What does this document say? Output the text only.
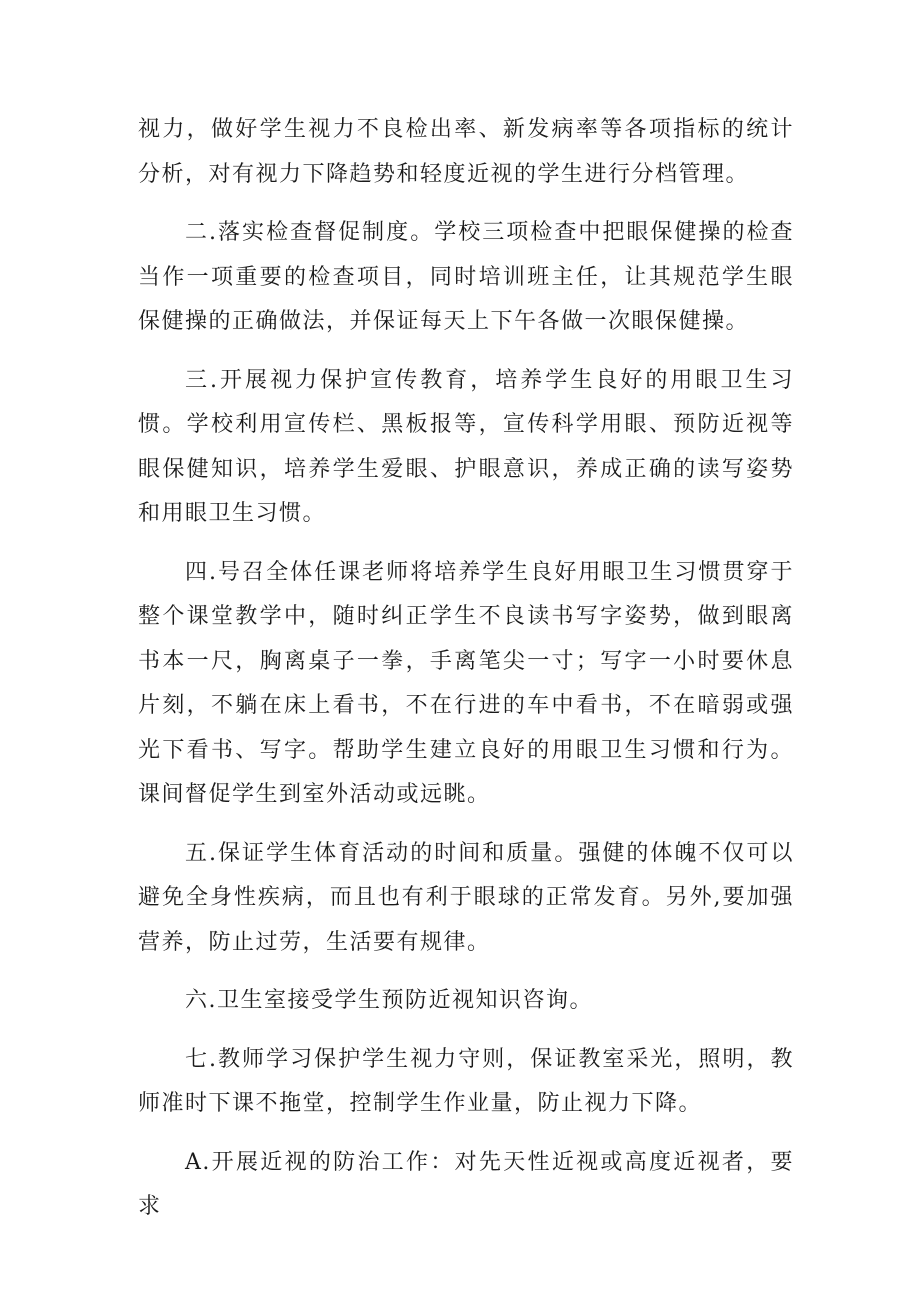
视力，做好学生视力不良检出率、新发病率等各项指标的统计分析，对有视力下降趋势和轻度近视的学生进行分档管理。

二.落实检查督促制度。学校三项检查中把眼保健操的检查当作一项重要的检查项目，同时培训班主任，让其规范学生眼保健操的正确做法，并保证每天上下午各做一次眼保健操。

三.开展视力保护宣传教育，培养学生良好的用眼卫生习惯。学校利用宣传栏、黑板报等，宣传科学用眼、预防近视等眼保健知识，培养学生爱眼、护眼意识，养成正确的读写姿势和用眼卫生习惯。

四.号召全体任课老师将培养学生良好用眼卫生习惯贯穿于整个课堂教学中，随时纠正学生不良读书写字姿势，做到眼离书本一尺，胸离桌子一拳，手离笔尖一寸；写字一小时要休息片刻，不躺在床上看书，不在行进的车中看书，不在暗弱或强光下看书、写字。帮助学生建立良好的用眼卫生习惯和行为。课间督促学生到室外活动或远眺。

五.保证学生体育活动的时间和质量。强健的体魄不仅可以避免全身性疾病，而且也有利于眼球的正常发育。另外,要加强营养，防止过劳，生活要有规律。

六.卫生室接受学生预防近视知识咨询。

七.教师学习保护学生视力守则，保证教室采光，照明，教师准时下课不拖堂，控制学生作业量，防止视力下降。

A.开展近视的防治工作：对先天性近视或高度近视者，要求
